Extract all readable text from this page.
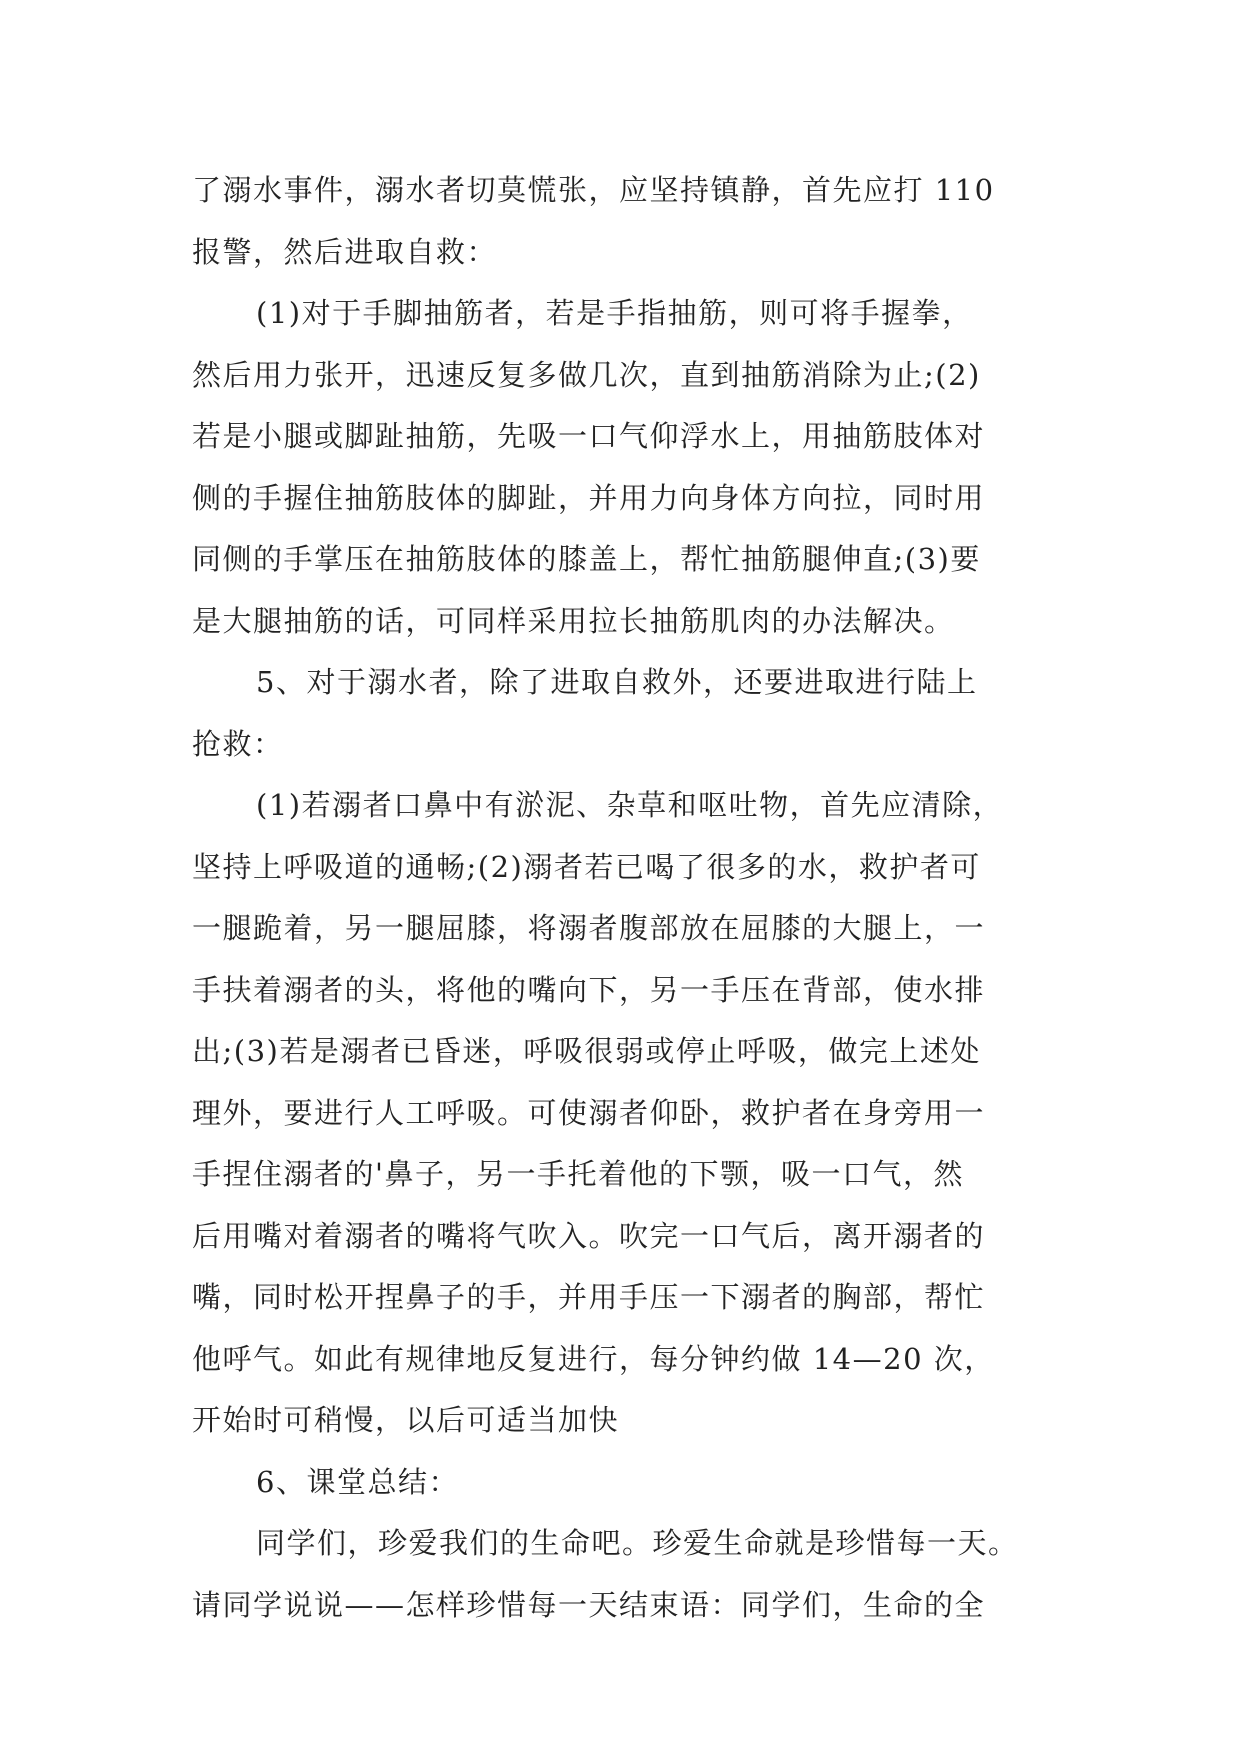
了溺水事件，溺水者切莫慌张，应坚持镇静，首先应打 110
报警，然后进取自救：
(1)对于手脚抽筋者，若是手指抽筋，则可将手握拳，
然后用力张开，迅速反复多做几次，直到抽筋消除为止;(2)
若是小腿或脚趾抽筋，先吸一口气仰浮水上，用抽筋肢体对
侧的手握住抽筋肢体的脚趾，并用力向身体方向拉，同时用
同侧的手掌压在抽筋肢体的膝盖上，帮忙抽筋腿伸直;(3)要
是大腿抽筋的话，可同样采用拉长抽筋肌肉的办法解决。
5、对于溺水者，除了进取自救外，还要进取进行陆上
抢救：
(1)若溺者口鼻中有淤泥、杂草和呕吐物，首先应清除，
坚持上呼吸道的通畅;(2)溺者若已喝了很多的水，救护者可
一腿跪着，另一腿屈膝，将溺者腹部放在屈膝的大腿上，一
手扶着溺者的头，将他的嘴向下，另一手压在背部，使水排
出;(3)若是溺者已昏迷，呼吸很弱或停止呼吸，做完上述处
理外，要进行人工呼吸。可使溺者仰卧，救护者在身旁用一
手捏住溺者的'鼻子，另一手托着他的下颚，吸一口气，然
后用嘴对着溺者的嘴将气吹入。吹完一口气后，离开溺者的
嘴，同时松开捏鼻子的手，并用手压一下溺者的胸部，帮忙
他呼气。如此有规律地反复进行，每分钟约做 14—20 次，
开始时可稍慢，以后可适当加快
6、课堂总结：
同学们，珍爱我们的生命吧。珍爱生命就是珍惜每一天。
请同学说说——怎样珍惜每一天结束语：同学们，生命的全
